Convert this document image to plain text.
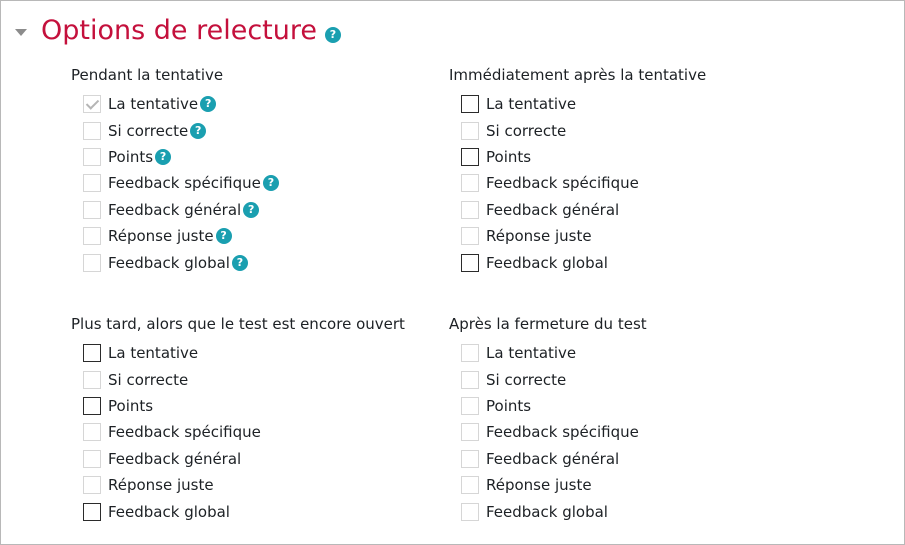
Options de relecture	?
Pendant la tentative
La tentative ?
Si correcte ?
Points ?
Feedback spécifique ?
Feedback général ?
Réponse juste ?
Feedback global ?
Immédiatement après la tentative
La tentative
Si correcte
Points
Feedback spécifique
Feedback général
Réponse juste
Feedback global
Plus tard, alors que le test est encore ouvert
La tentative
Si correcte
Points
Feedback spécifique
Feedback général
Réponse juste
Feedback global
Après la fermeture du test
La tentative
Si correcte
Points
Feedback spécifique
Feedback général
Réponse juste
Feedback global
